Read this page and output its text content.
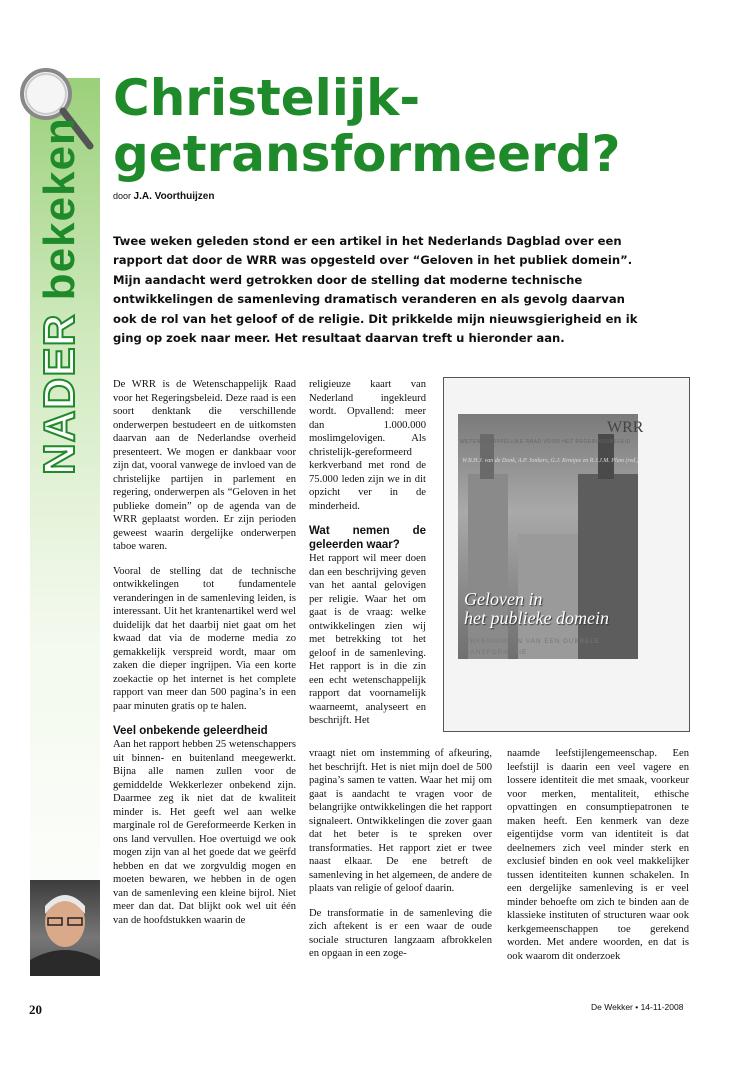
NADER bekeken
Christelijk-
getransformeerd?
door J.A. Voorthuijzen
Twee weken geleden stond er een artikel in het Nederlands Dagblad over een rapport dat door de WRR was opgesteld over “Geloven in het publiek domein”. Mijn aandacht werd getrokken door de stelling dat moderne technische ontwikkelingen de samenleving dramatisch veranderen en als gevolg daarvan ook de rol van het geloof of de religie. Dit prikkelde mijn nieuwsgierigheid en ik ging op zoek naar meer. Het resultaat daarvan treft u hieronder aan.

De WRR is de Wetenschappelijk Raad voor het Regeringsbeleid. Deze raad is een soort denktank die verschillende onderwerpen bestudeert en de uitkomsten daarvan aan de Nederlandse overheid presenteert. We mogen er dankbaar voor zijn dat, vooral vanwege de invloed van de christelijke partijen in parlement en regering, onderwerpen als “Geloven in het publieke domein” op de agenda van de WRR geplaatst worden. Er zijn perioden geweest waarin dergelijke onderwerpen taboe waren.

Vooral de stelling dat de technische ontwikkelingen tot fundamentele veranderingen in de samenleving leiden, is interessant. Uit het krantenartikel werd wel duidelijk dat het daarbij niet gaat om het kwaad dat via de moderne media zo gemakkelijk verspreid wordt, maar om zaken die dieper ingrijpen. Via een korte zoekactie op het internet is het complete rapport van meer dan 500 pagina’s in een paar minuten gratis op te halen.

Veel onbekende geleerdheid

Aan het rapport hebben 25 wetenschappers uit binnen- en buitenland meegewerkt. Bijna alle namen zullen voor de gemiddelde Wekkerlezer onbekend zijn. Daarmee zeg ik niet dat de kwaliteit minder is. Het geeft wel aan welke marginale rol de Gereformeerde Kerken in ons land vervullen. Hoe overtuigd we ook mogen zijn van al het goede dat we geërfd hebben en dat we zorgvuldig mogen en moeten bewaren, we hebben in de ogen van de samenleving een kleine bijrol. Niet meer dan dat. Dat blijkt ook wel uit één van de hoofdstukken waarin de

religieuze kaart van Nederland ingekleurd wordt. Opvallend: meer dan 1.000.000 moslimgelovigen. Als christelijk-gereformeerd kerkverband met rond de 75.000 leden zijn we in dit opzicht ver in de minderheid.

Wat nemen de geleerden waar?

Het rapport wil meer doen dan een beschrijving geven van het aantal gelovigen per religie. Waar het om gaat is de vraag: welke ontwikkelingen zien wij met betrekking tot het geloof in de samenleving. Het rapport is in die zin een echt wetenschappelijk rapport dat voornamelijk waarneemt, analyseert en beschrijft. Het

vraagt niet om instemming of afkeuring, het beschrijft. Het is niet mijn doel de 500 pagina’s samen te vatten. Waar het mij om gaat is aandacht te vragen voor de belangrijke ontwikkelingen die het rapport signaleert. Ontwikkelingen die zover gaan dat het beter is te spreken over transformaties. Het rapport ziet er twee naast elkaar. De ene betreft de samenleving in het algemeen, de andere de plaats van religie of geloof daarin.

De transformatie in de samenleving die zich aftekent is er een waar de oude sociale structuren langzaam afbrokkelen en opgaan in een zoge-

naamde leefstijlengemeenschap. Een leefstijl is daarin een veel vagere en lossere identiteit die met smaak, voorkeur voor merken, mentaliteit, ethische opvattingen en consumptiepatronen te maken heeft. Een kenmerk van deze eigentijdse vorm van identiteit is dat deelnemers zich veel minder sterk en exclusief binden en ook veel makkelijker tussen identiteiten kunnen schakelen. In een dergelijke samenleving is er veel minder behoefte om zich te binden aan de klassieke instituten of structuren waar ook kerkgemeenschappen toe gerekend worden. Met andere woorden, en dat is ook waarom dit onderzoek

WRR
WETENSCHAPPELIJKE RAAD VOOR HET REGERINGSBELEID
W.B.H.J. van de Donk, A.P. Jonkers, G.J. Kronjee en R.J.J.M. Plum (red.)
Geloven in
het publieke domein
VERKENNINGEN VAN EEN DUBBELE
TRANSFORMATIE
20	De Wekker • 14-11-2008
